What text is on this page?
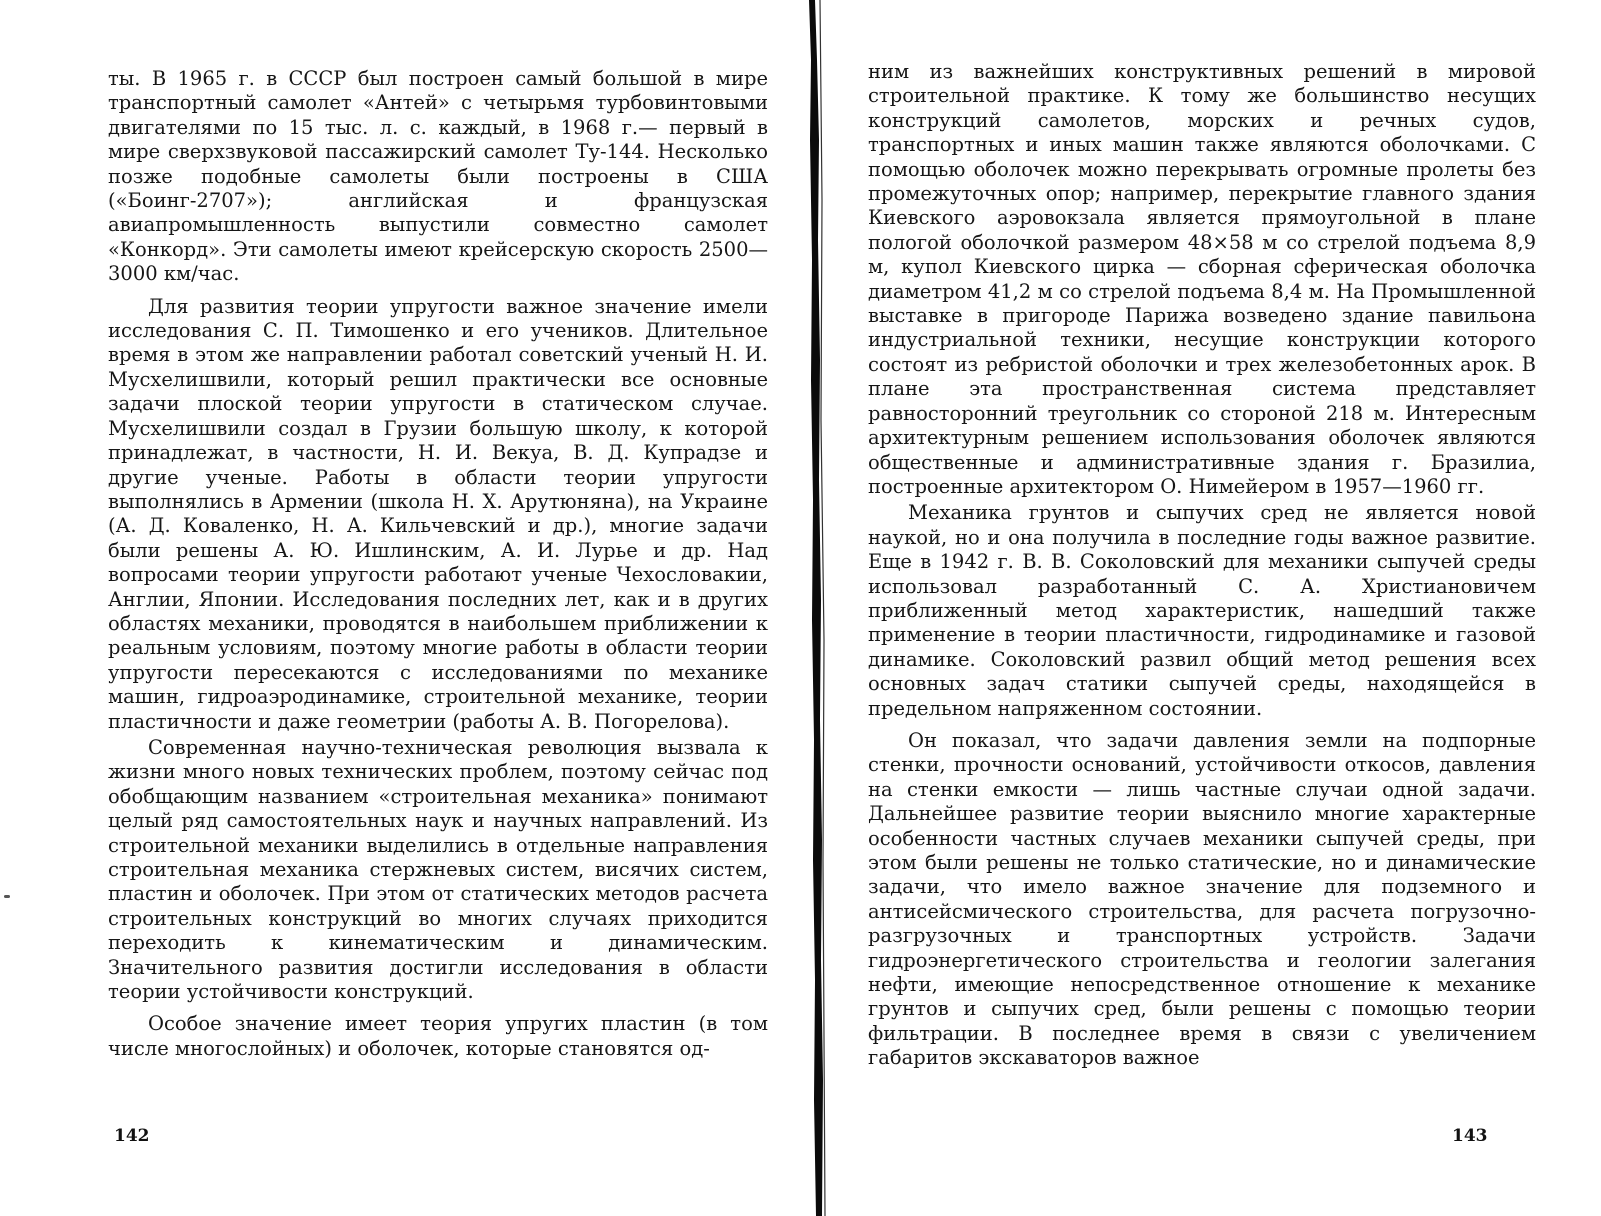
ты. В 1965 г. в СССР был построен самый большой в мире транспортный самолет «Антей» с четырьмя турбовинтовыми двигателями по 15 тыс. л. с. каждый, в 1968 г.— первый в мире сверхзвуковой пассажирский самолет Ту-144. Несколько позже подобные самолеты были построены в США («Боинг-2707»); английская и французская авиапромышленность выпустили совместно самолет «Конкорд». Эти самолеты имеют крейсерскую скорость 2500—3000 км/час.

Для развития теории упругости важное значение имели исследования С. П. Тимошенко и его учеников. Длительное время в этом же направлении работал советский ученый Н. И. Мусхелишвили, который решил практически все основные задачи плоской теории упругости в статическом случае. Мусхелишвили создал в Грузии большую школу, к которой принадлежат, в частности, Н. И. Векуа, В. Д. Купрадзе и другие ученые. Работы в области теории упругости выполнялись в Армении (школа Н. Х. Арутюняна), на Украине (А. Д. Коваленко, Н. А. Кильчевский и др.), многие задачи были решены А. Ю. Ишлинским, А. И. Лурье и др. Над вопросами теории упругости работают ученые Чехословакии, Англии, Японии. Исследования последних лет, как и в других областях механики, проводятся в наибольшем приближении к реальным условиям, поэтому многие работы в области теории упругости пересекаются с исследованиями по механике машин, гидроаэродинамике, строительной механике, теории пластичности и даже геометрии (работы А. В. Погорелова).

Современная научно-техническая революция вызвала к жизни много новых технических проблем, поэтому сейчас под обобщающим названием «строительная механика» понимают целый ряд самостоятельных наук и научных направлений. Из строительной механики выделились в отдельные направления строительная механика стержневых систем, висячих систем, пластин и оболочек. При этом от статических методов расчета строительных конструкций во многих случаях приходится переходить к кинематическим и динамическим. Значительного развития достигли исследования в области теории устойчивости конструкций.

Особое значение имеет теория упругих пластин (в том числе многослойных) и оболочек, которые становятся од-

142

ним из важнейших конструктивных решений в мировой строительной практике. К тому же большинство несущих конструкций самолетов, морских и речных судов, транспортных и иных машин также являются оболочками. С помощью оболочек можно перекрывать огромные пролеты без промежуточных опор; например, перекрытие главного здания Киевского аэровокзала является прямоугольной в плане пологой оболочкой размером 48×58 м со стрелой подъема 8,9 м, купол Киевского цирка — сборная сферическая оболочка диаметром 41,2 м со стрелой подъема 8,4 м. На Промышленной выставке в пригороде Парижа возведено здание павильона индустриальной техники, несущие конструкции которого состоят из ребристой оболочки и трех железобетонных арок. В плане эта пространственная система представляет равносторонний треугольник со стороной 218 м. Интересным архитектурным решением использования оболочек являются общественные и административные здания г. Бразилиа, построенные архитектором О. Нимейером в 1957—1960 гг.

Механика грунтов и сыпучих сред не является новой наукой, но и она получила в последние годы важное развитие. Еще в 1942 г. В. В. Соколовский для механики сыпучей среды использовал разработанный С. А. Христиановичем приближенный метод характеристик, нашедший также применение в теории пластичности, гидродинамике и газовой динамике. Соколовский развил общий метод решения всех основных задач статики сыпучей среды, находящейся в предельном напряженном состоянии.

Он показал, что задачи давления земли на подпорные стенки, прочности оснований, устойчивости откосов, давления на стенки емкости — лишь частные случаи одной задачи. Дальнейшее развитие теории выяснило многие характерные особенности частных случаев механики сыпучей среды, при этом были решены не только статические, но и динамические задачи, что имело важное значение для подземного и антисейсмического строительства, для расчета погрузочно-разгрузочных и транспортных устройств. Задачи гидроэнергетического строительства и геологии залегания нефти, имеющие непосредственное отношение к механике грунтов и сыпучих сред, были решены с помощью теории фильтрации. В последнее время в связи с увеличением габаритов экскаваторов важное

143
